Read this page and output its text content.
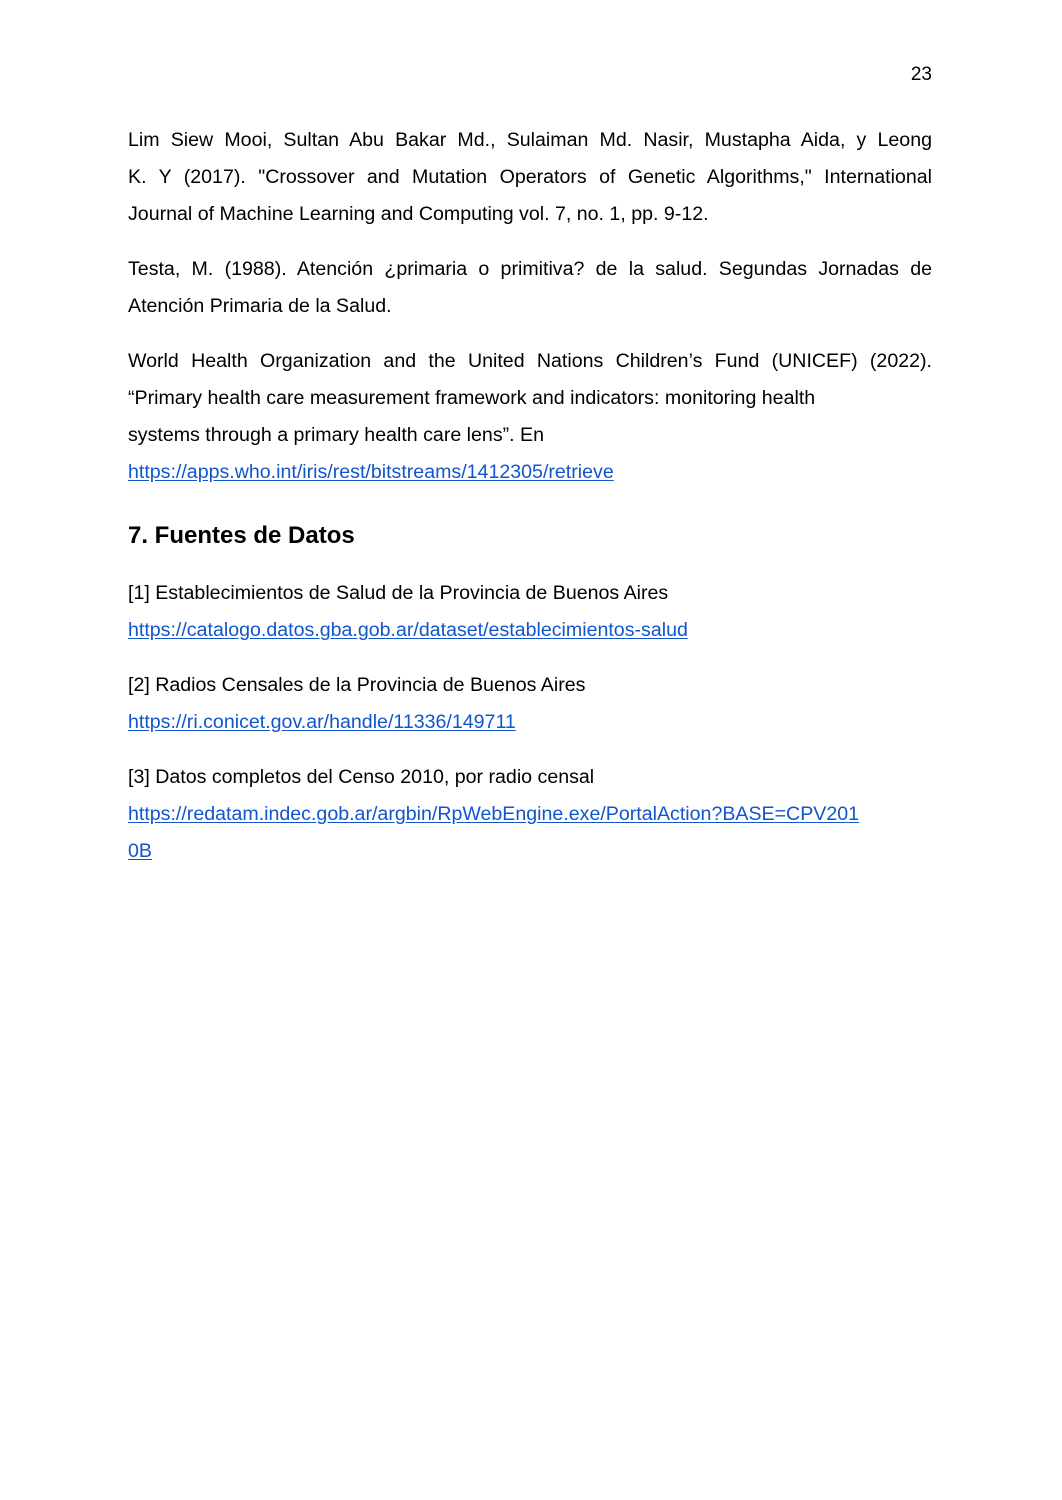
23
Lim Siew Mooi, Sultan Abu Bakar Md., Sulaiman Md. Nasir, Mustapha Aida, y Leong
K. Y (2017). "Crossover and Mutation Operators of Genetic Algorithms," International
Journal of Machine Learning and Computing vol. 7, no. 1, pp. 9-12.
Testa, M. (1988). Atención ¿primaria o primitiva? de la salud. Segundas Jornadas de
Atención Primaria de la Salud.
World Health Organization and the United Nations Children’s Fund (UNICEF) (2022).
“Primary health care measurement framework and indicators: monitoring health
systems through a primary health care lens”. En
https://apps.who.int/iris/rest/bitstreams/1412305/retrieve
7. Fuentes de Datos
[1] Establecimientos de Salud de la Provincia de Buenos Aires
https://catalogo.datos.gba.gob.ar/dataset/establecimientos-salud
[2] Radios Censales de la Provincia de Buenos Aires
https://ri.conicet.gov.ar/handle/11336/149711
[3] Datos completos del Censo 2010, por radio censal
https://redatam.indec.gob.ar/argbin/RpWebEngine.exe/PortalAction?BASE=CPV201
0B
